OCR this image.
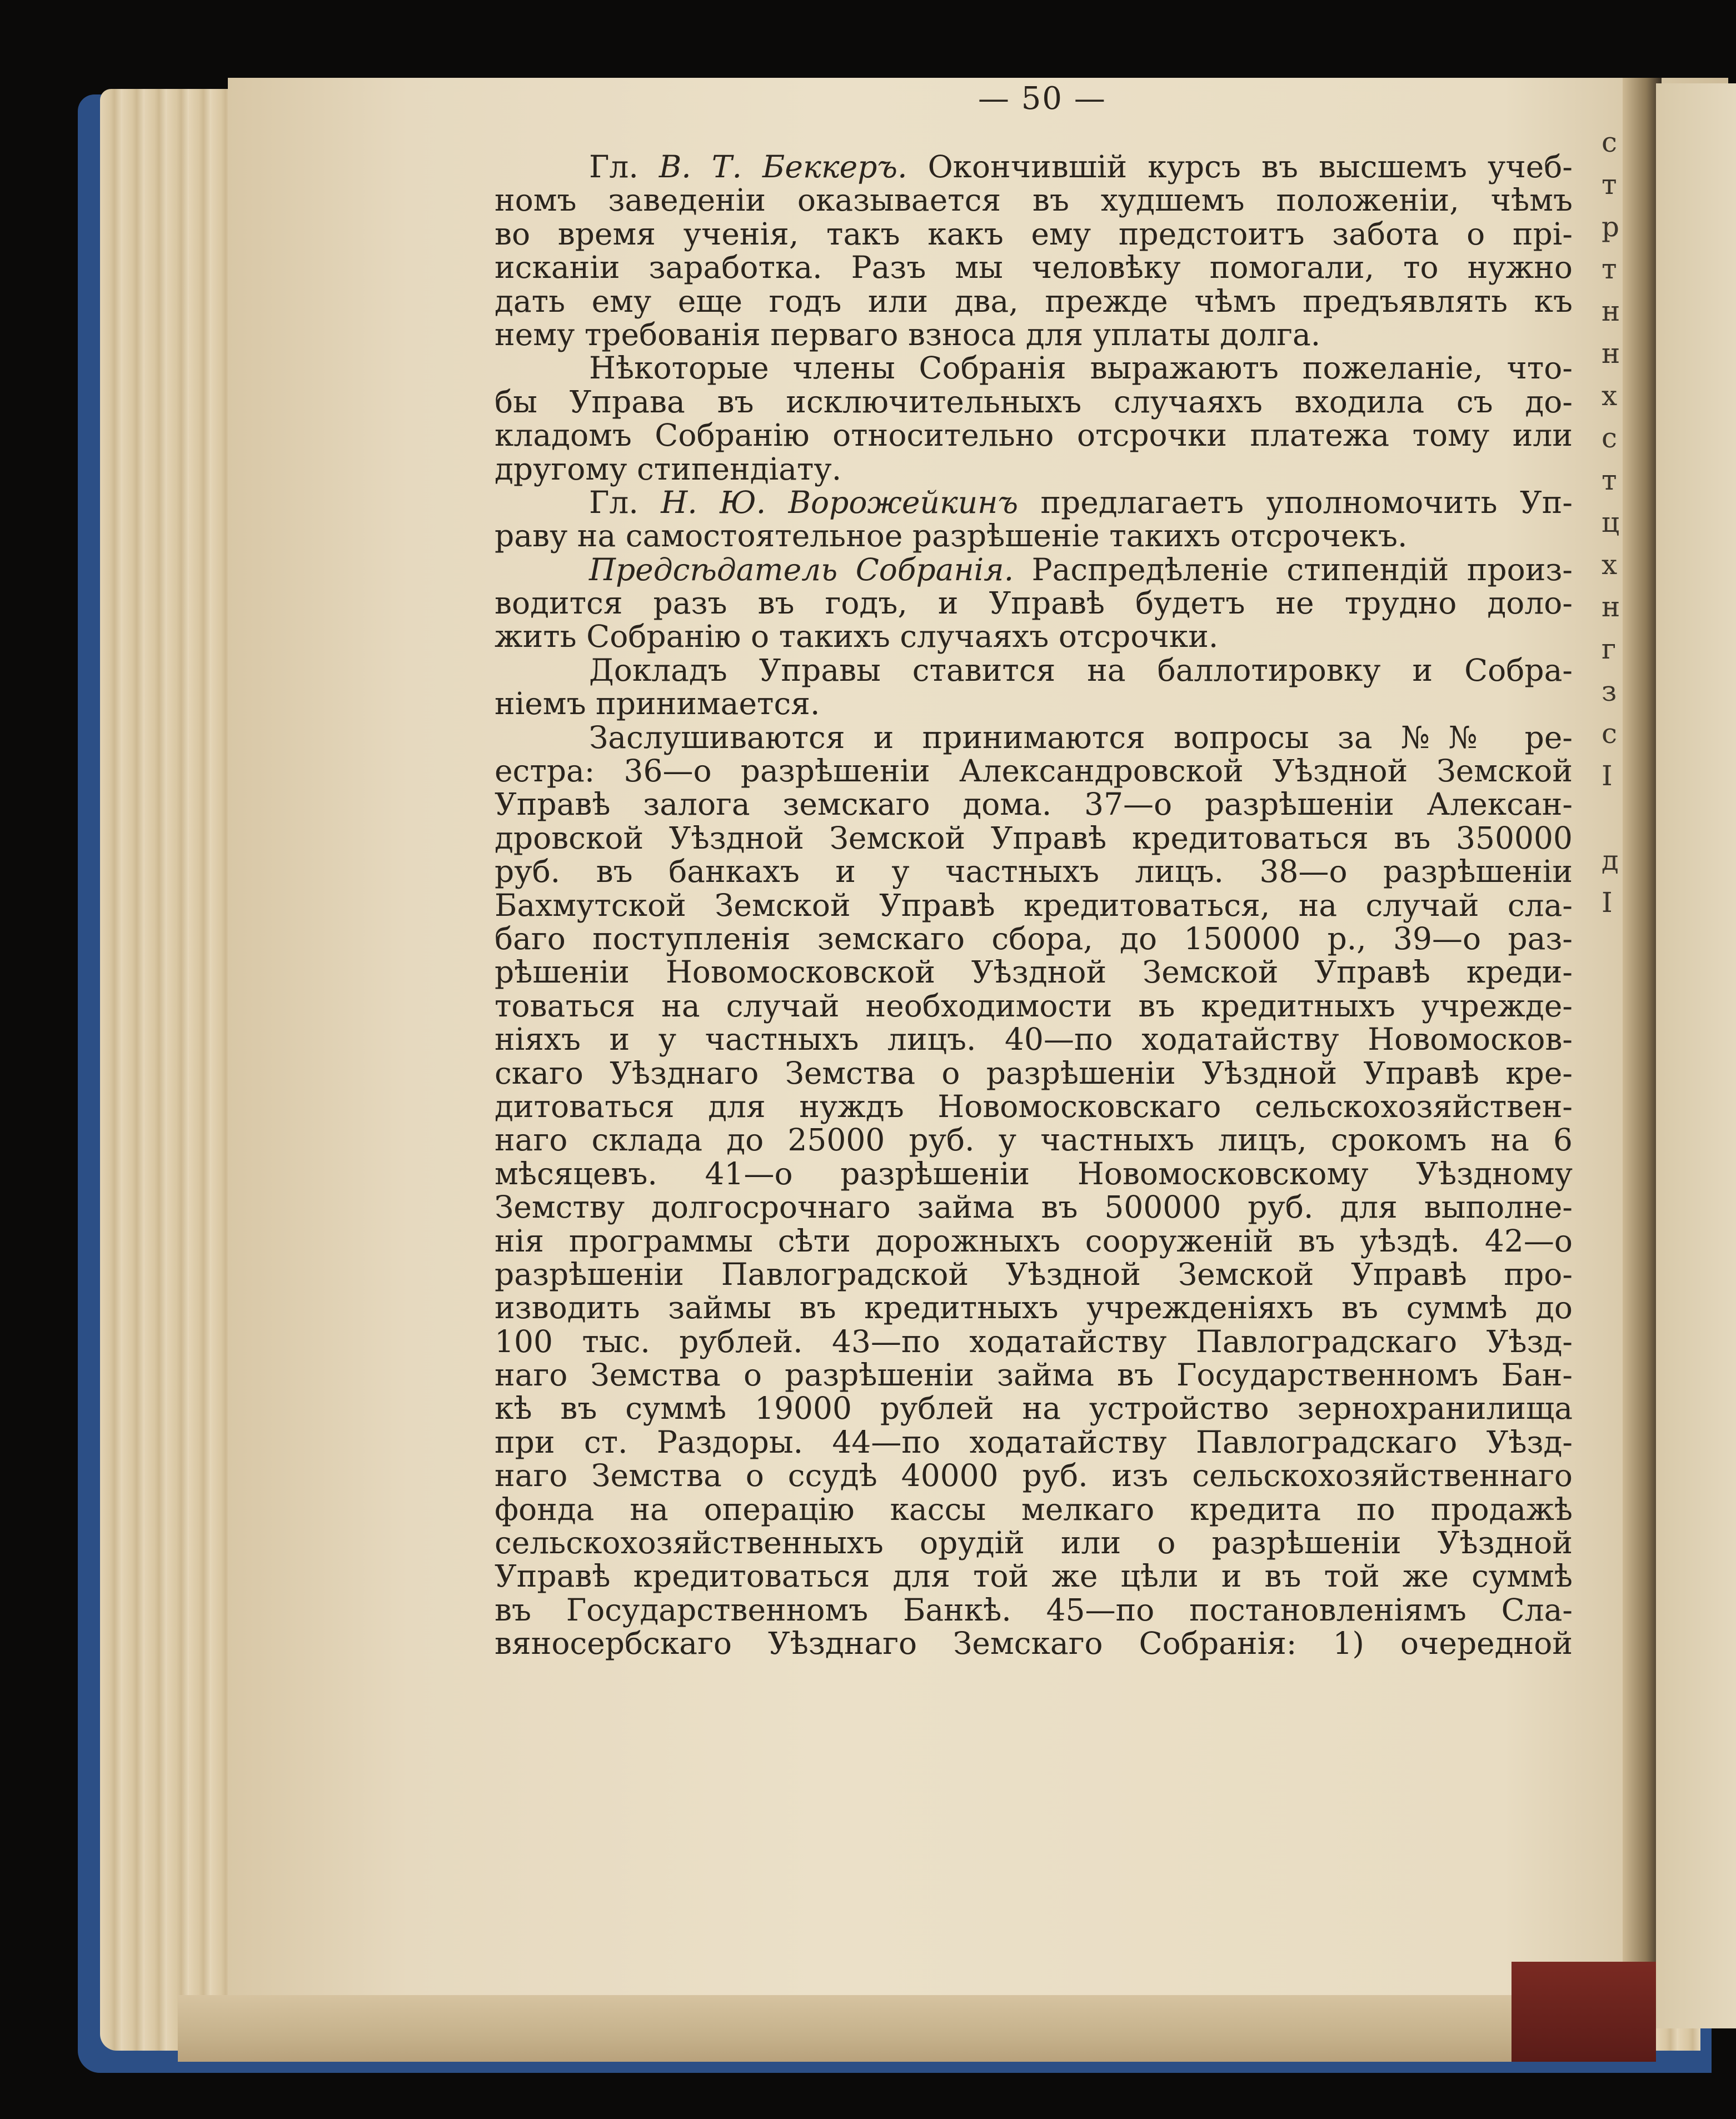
— 50 —
Гл. В. Т. Беккеръ. Окончившій курсъ въ высшемъ учеб-
номъ заведеніи оказывается въ худшемъ положеніи, чѣмъ
во время ученія, такъ какъ ему предстоитъ забота о прі-
исканіи заработка. Разъ мы человѣку помогали, то нужно
дать ему еще годъ или два, прежде чѣмъ предъявлять къ
нему требованія перваго взноса для уплаты долга.
Нѣкоторые члены Собранія выражаютъ пожеланіе, что-
бы Управа въ исключительныхъ случаяхъ входила съ до-
кладомъ Собранію относительно отсрочки платежа тому или
другому стипендіату.
Гл. Н. Ю. Ворожейкинъ предлагаетъ уполномочить Уп-
раву на самостоятельное разрѣшеніе такихъ отсрочекъ.
Предсѣдатель Собранія. Распредѣленіе стипендій произ-
водится разъ въ годъ, и Управѣ будетъ не трудно доло-
жить Собранію о такихъ случаяхъ отсрочки.
Докладъ Управы ставится на баллотировку и Собра-
ніемъ принимается.
Заслушиваются и принимаются вопросы за №№ ре-
естра: 36—о разрѣшеніи Александровской Уѣздной Земской
Управѣ залога земскаго дома. 37—о разрѣшеніи Алексан-
дровской Уѣздной Земской Управѣ кредитоваться въ 350000
руб. въ банкахъ и у частныхъ лицъ. 38—о разрѣшеніи
Бахмутской Земской Управѣ кредитоваться, на случай сла-
баго поступленія земскаго сбора, до 150000 р., 39—о раз-
рѣшеніи Новомосковской Уѣздной Земской Управѣ креди-
товаться на случай необходимости въ кредитныхъ учрежде-
ніяхъ и у частныхъ лицъ. 40—по ходатайству Новомосков-
скаго Уѣзднаго Земства о разрѣшеніи Уѣздной Управѣ кре-
дитоваться для нуждъ Новомосковскаго сельскохозяйствен-
наго склада до 25000 руб. у частныхъ лицъ, срокомъ на 6
мѣсяцевъ. 41—о разрѣшеніи Новомосковскому Уѣздному
Земству долгосрочнаго займа въ 500000 руб. для выполне-
нія программы сѣти дорожныхъ сооруженій въ уѣздѣ. 42—о
разрѣшеніи Павлоградской Уѣздной Земской Управѣ про-
изводить займы въ кредитныхъ учрежденіяхъ въ суммѣ до
100 тыс. рублей. 43—по ходатайству Павлоградскаго Уѣзд-
наго Земства о разрѣшеніи займа въ Государственномъ Бан-
кѣ въ суммѣ 19000 рублей на устройство зернохранилища
при ст. Раздоры. 44—по ходатайству Павлоградскаго Уѣзд-
наго Земства о ссудѣ 40000 руб. изъ сельскохозяйственнаго
фонда на операцію кассы мелкаго кредита по продажѣ
сельскохозяйственныхъ орудій или о разрѣшеніи Уѣздной
Управѣ кредитоваться для той же цѣли и въ той же суммѣ
въ Государственномъ Банкѣ. 45—по постановленіямъ Сла-
вяносербскаго Уѣзднаго Земскаго Собранія: 1) очередной
с
т
р
т
н
н
х
с
т
ц
х
н
г
з
с
I
д
I
